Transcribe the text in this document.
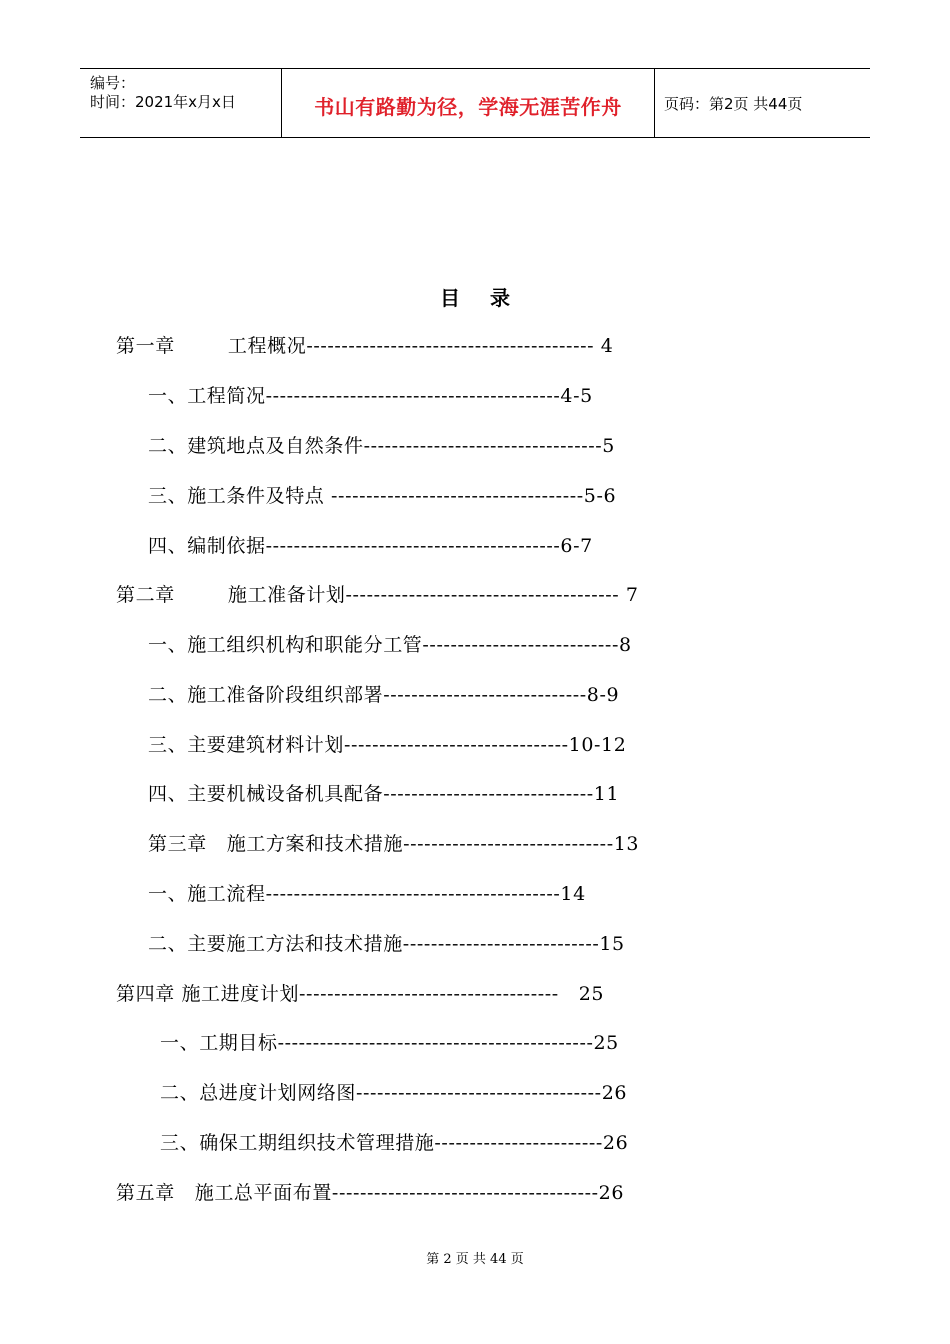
编号：
时间：2021年x月x日	书山有路勤为径，学海无涯苦作舟	页码：第2页 共44页
目录
第一章        工程概况----------------------------------------- 4
一、工程简况------------------------------------------4-5
二、建筑地点及自然条件----------------------------------5
三、施工条件及特点 ------------------------------------5-6
四、编制依据------------------------------------------6-7
第二章        施工准备计划--------------------------------------- 7
一、施工组织机构和职能分工管----------------------------8
二、施工准备阶段组织部署-----------------------------8-9
三、主要建筑材料计划--------------------------------10-12
四、主要机械设备机具配备------------------------------11
第三章   施工方案和技术措施------------------------------13
一、施工流程------------------------------------------14
二、主要施工方法和技术措施----------------------------15
第四章 施工进度计划-------------------------------------   25
一、工期目标---------------------------------------------25
二、总进度计划网络图-----------------------------------26
三、确保工期组织技术管理措施------------------------26
第五章   施工总平面布置--------------------------------------26
第 2 页 共 44 页
